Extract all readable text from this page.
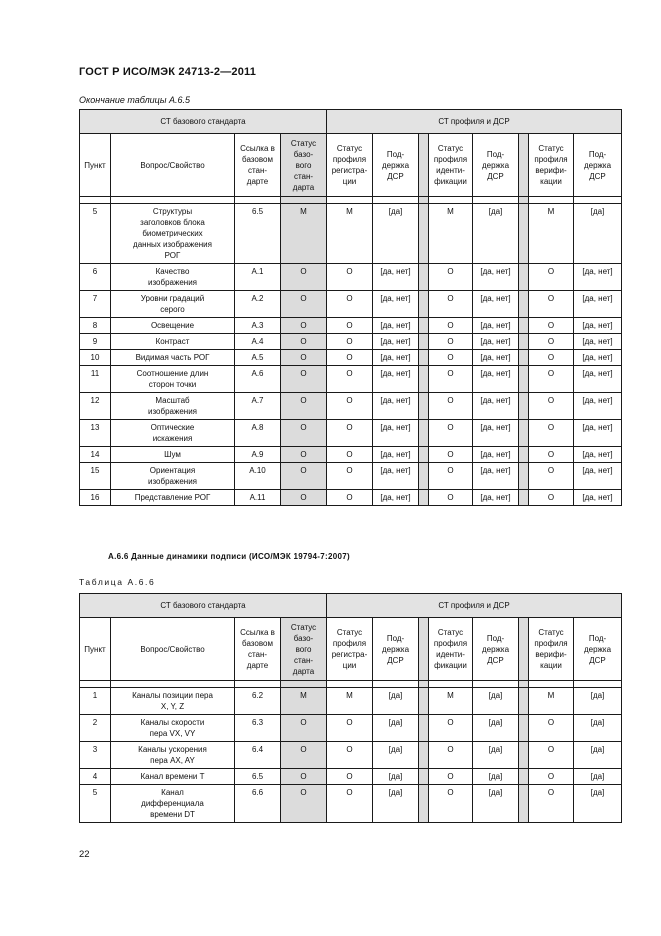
ГОСТ Р ИСО/МЭК 24713-2—2011
Окончание таблицы А.6.5
СТ базового стандарта				СТ профиля и ДСР							
Пункт	Вопрос/Свойство	Ссылка в
базовом
стан-
дарте	Статус
базо-
вого
стан-
дарта	Статус
профиля
регистра-
ции	Под-
держка
ДСР		Статус
профиля
иденти-
фикации	Под-
держка
ДСР		Статус
профиля
верифи-
кации	Под-
держка
ДСР

5	Структуры
заголовков блока
биометрических
данных изображения
РОГ	6.5	M	M	[да]		M	[да]		M	[да]
6	Качество
изображения	А.1	O	O	[да, нет]		O	[да, нет]		O	[да, нет]
7	Уровни градаций
серого	А.2	O	O	[да, нет]		O	[да, нет]		O	[да, нет]
8	Освещение	А.3	O	O	[да, нет]		O	[да, нет]		O	[да, нет]
9	Контраст	А.4	O	O	[да, нет]		O	[да, нет]		O	[да, нет]
10	Видимая часть РОГ	А.5	O	O	[да, нет]		O	[да, нет]		O	[да, нет]
11	Соотношение длин
сторон точки	А.6	O	O	[да, нет]		O	[да, нет]		O	[да, нет]
12	Масштаб
изображения	А.7	O	O	[да, нет]		O	[да, нет]		O	[да, нет]
13	Оптические
искажения	А.8	O	O	[да, нет]		O	[да, нет]		O	[да, нет]
14	Шум	А.9	O	O	[да, нет]		O	[да, нет]		O	[да, нет]
15	Ориентация
изображения	А.10	O	O	[да, нет]		O	[да, нет]		O	[да, нет]
16	Представление РОГ	А.11	O	O	[да, нет]		O	[да, нет]		O	[да, нет]
А.6.6 Данные динамики подписи (ИСО/МЭК 19794-7:2007)
Таблица А.6.6
СТ базового стандарта				СТ профиля и ДСР							
Пункт	Вопрос/Свойство	Ссылка в
базовом
стан-
дарте	Статус
базо-
вого
стан-
дарта	Статус
профиля
регистра-
ции	Под-
держка
ДСР		Статус
профиля
иденти-
фикации	Под-
держка
ДСР		Статус
профиля
верифи-
кации	Под-
держка
ДСР

1	Каналы позиции пера
X, Y, Z	6.2	M	M	[да]		M	[да]		M	[да]
2	Каналы скорости
пера VX, VY	6.3	O	O	[да]		O	[да]		O	[да]
3	Каналы ускорения
пера AX, AY	6.4	O	O	[да]		O	[да]		O	[да]
4	Канал времени T	6.5	O	O	[да]		O	[да]		O	[да]
5	Канал
дифференциала
времени DT	6.6	O	O	[да]		O	[да]		O	[да]
22
